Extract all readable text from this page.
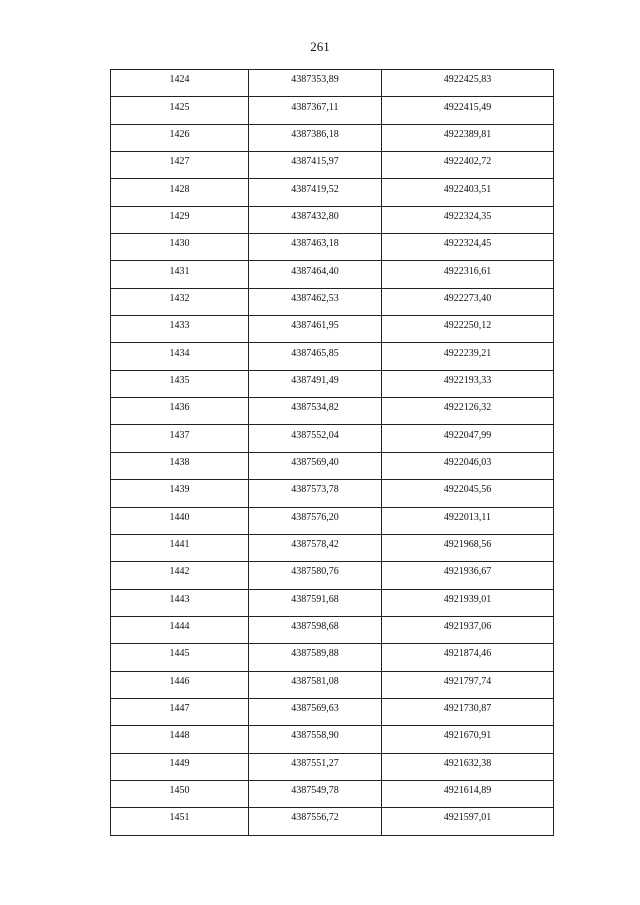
261
1424	4387353,89	4922425,83
1425	4387367,11	4922415,49
1426	4387386,18	4922389,81
1427	4387415,97	4922402,72
1428	4387419,52	4922403,51
1429	4387432,80	4922324,35
1430	4387463,18	4922324,45
1431	4387464,40	4922316,61
1432	4387462,53	4922273,40
1433	4387461,95	4922250,12
1434	4387465,85	4922239,21
1435	4387491,49	4922193,33
1436	4387534,82	4922126,32
1437	4387552,04	4922047,99
1438	4387569,40	4922046,03
1439	4387573,78	4922045,56
1440	4387576,20	4922013,11
1441	4387578,42	4921968,56
1442	4387580,76	4921936,67
1443	4387591,68	4921939,01
1444	4387598,68	4921937,06
1445	4387589,88	4921874,46
1446	4387581,08	4921797,74
1447	4387569,63	4921730,87
1448	4387558,90	4921670,91
1449	4387551,27	4921632,38
1450	4387549,78	4921614,89
1451	4387556,72	4921597,01
